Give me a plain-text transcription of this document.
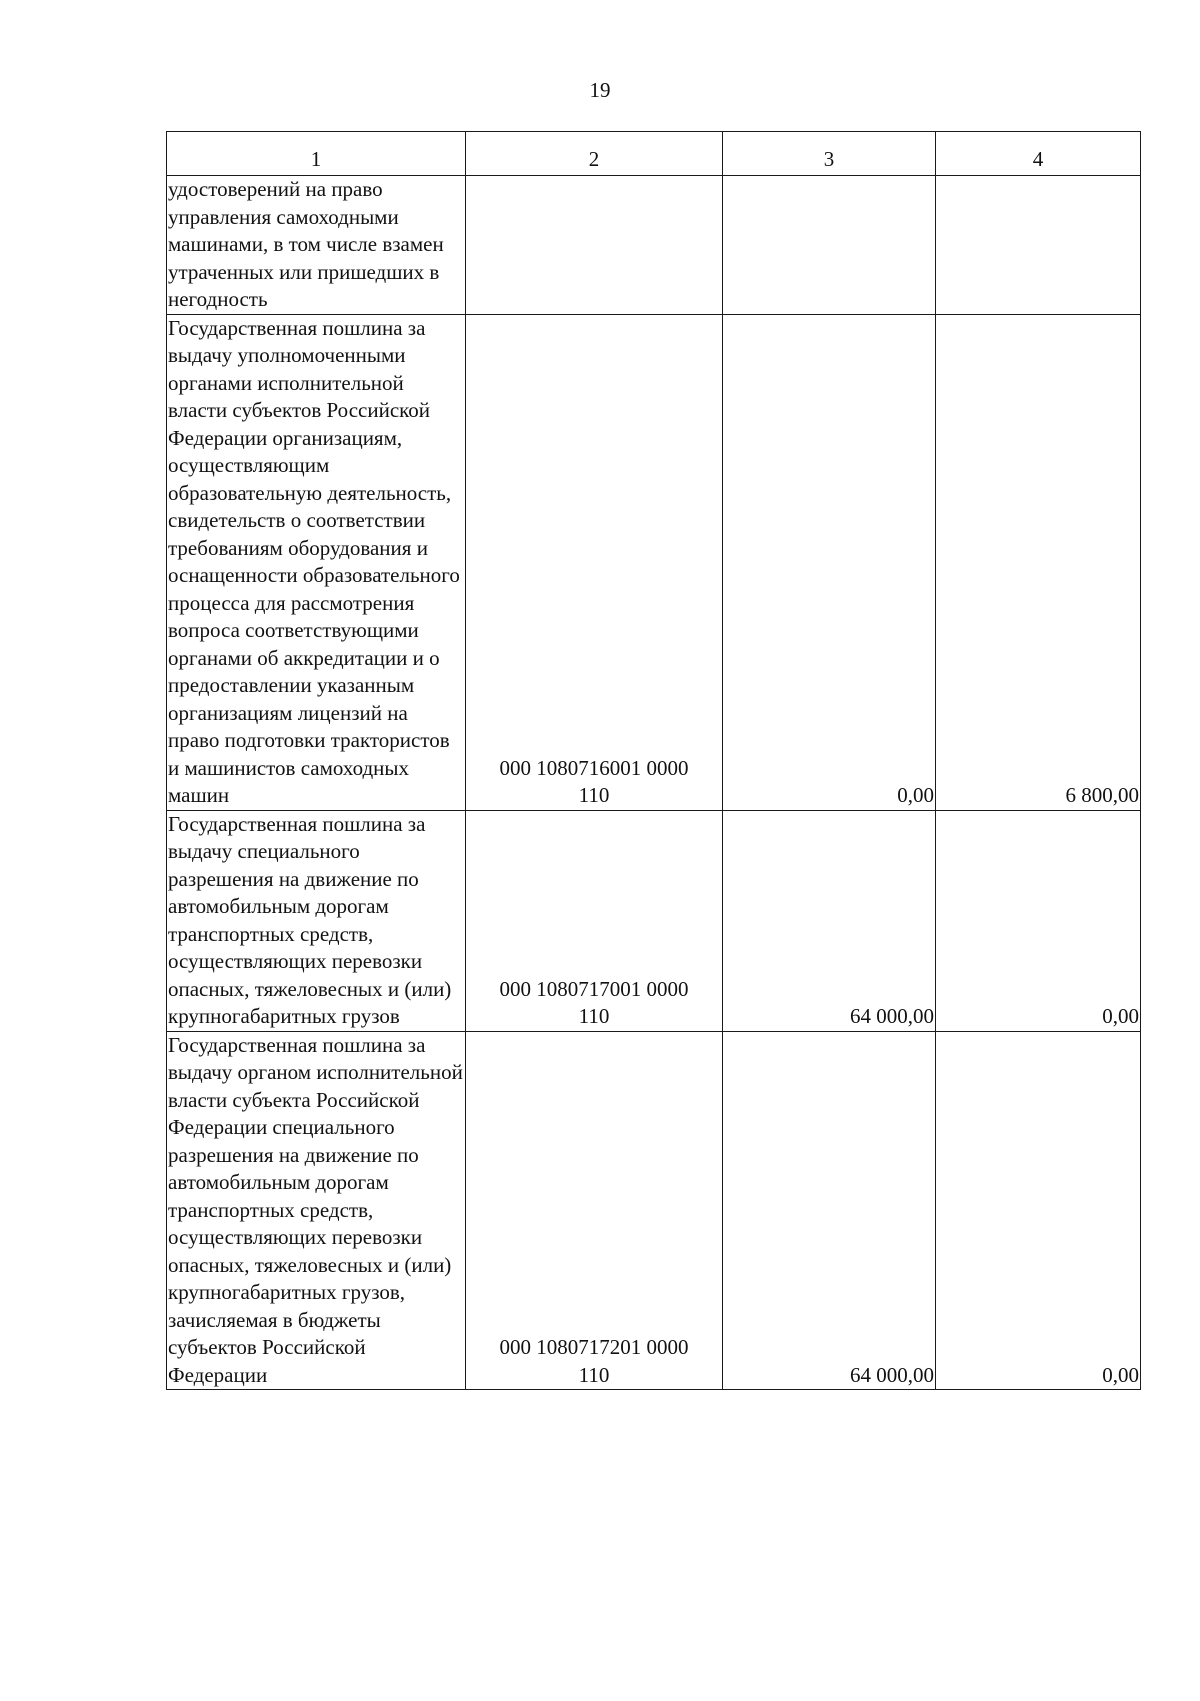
19
1	2	3	4
удостоверений на право управления самоходными машинами, в том числе взамен утраченных или пришедших в негодность	

Государственная пошлина за выдачу уполномоченными органами исполнительной власти субъектов Российской Федерации организациям, осуществляющим образовательную деятельность, свидетельств о соответствии требованиям оборудования и оснащенности образовательного процесса для рассмотрения вопроса соответствующими органами об аккредитации и о предоставлении указанным организациям лицензий на право подготовки трактористов и машинистов самоходных машин	000 1080716001 0000
110	0,00	6 800,00
Государственная пошлина за выдачу специального разрешения на движение по автомобильным дорогам транспортных средств, осуществляющих перевозки опасных, тяжеловесных и (или) крупногабаритных грузов	000 1080717001 0000
110	64 000,00	0,00
Государственная пошлина за выдачу органом исполнительной власти субъекта Российской Федерации специального разрешения на движение по автомобильным дорогам транспортных средств, осуществляющих перевозки опасных, тяжеловесных и (или) крупногабаритных грузов, зачисляемая в бюджеты субъектов Российской Федерации	000 1080717201 0000
110	64 000,00	0,00
